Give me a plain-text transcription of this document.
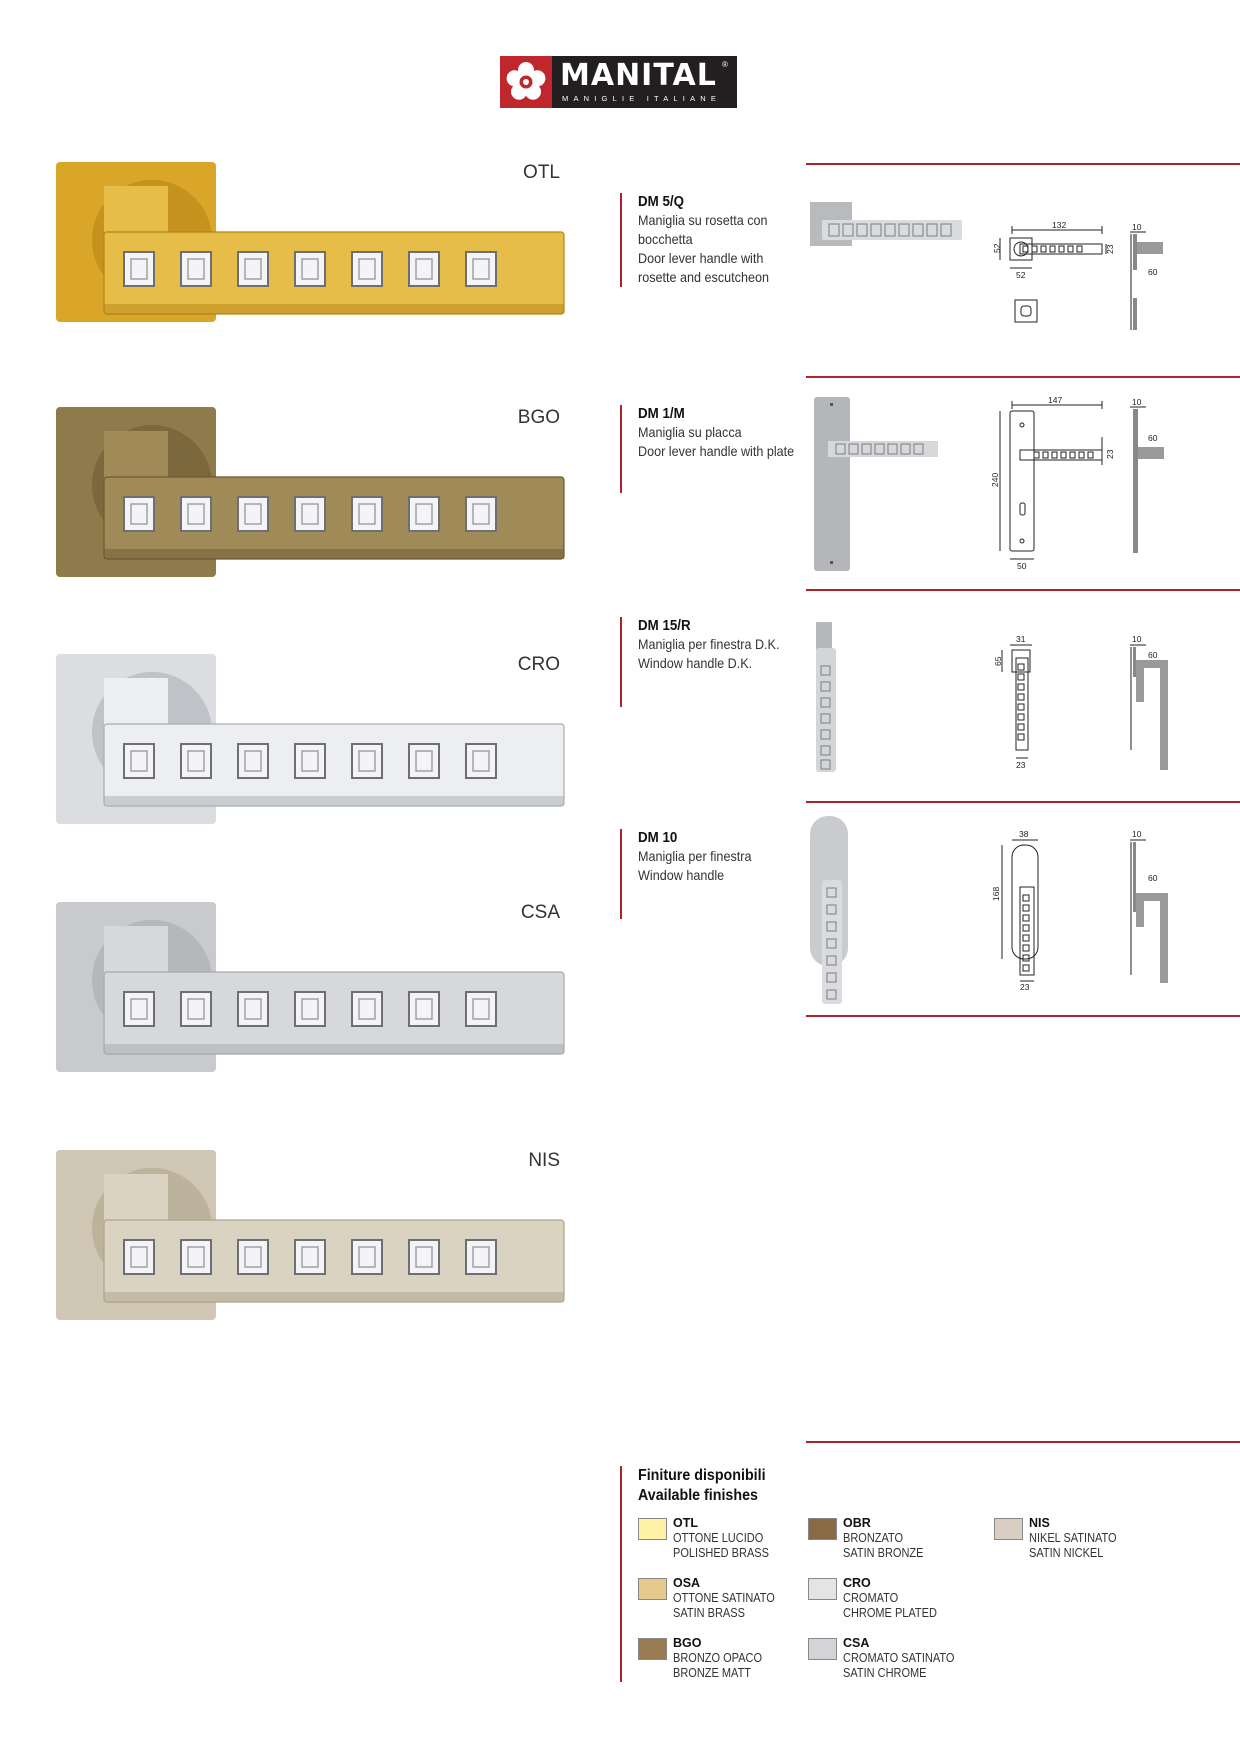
MANITAL ®
MANIGLIE ITALIANE
OTL
BGO
CRO
CSA
NIS
DM 5/Q
Maniglia su rosetta con
bocchetta
Door lever handle with
rosette and escutcheon
132
52	23
52
10
60
DM 1/M
Maniglia su placca
Door lever handle with plate
147
240
23
50
10
60
DM 15/R
Maniglia per finestra D.K.
Window handle D.K.
31
65
23
10
60
DM 10
Maniglia per finestra
Window handle
38
168
23
10
60
Finiture disponibili
Available finishes
OTL
OTTONE LUCIDO
POLISHED BRASS
OBR
BRONZATO
SATIN BRONZE
NIS
NIKEL SATINATO
SATIN NICKEL
OSA
OTTONE SATINATO
SATIN BRASS
CRO
CROMATO
CHROME PLATED
BGO
BRONZO OPACO
BRONZE MATT
CSA
CROMATO SATINATO
SATIN CHROME
